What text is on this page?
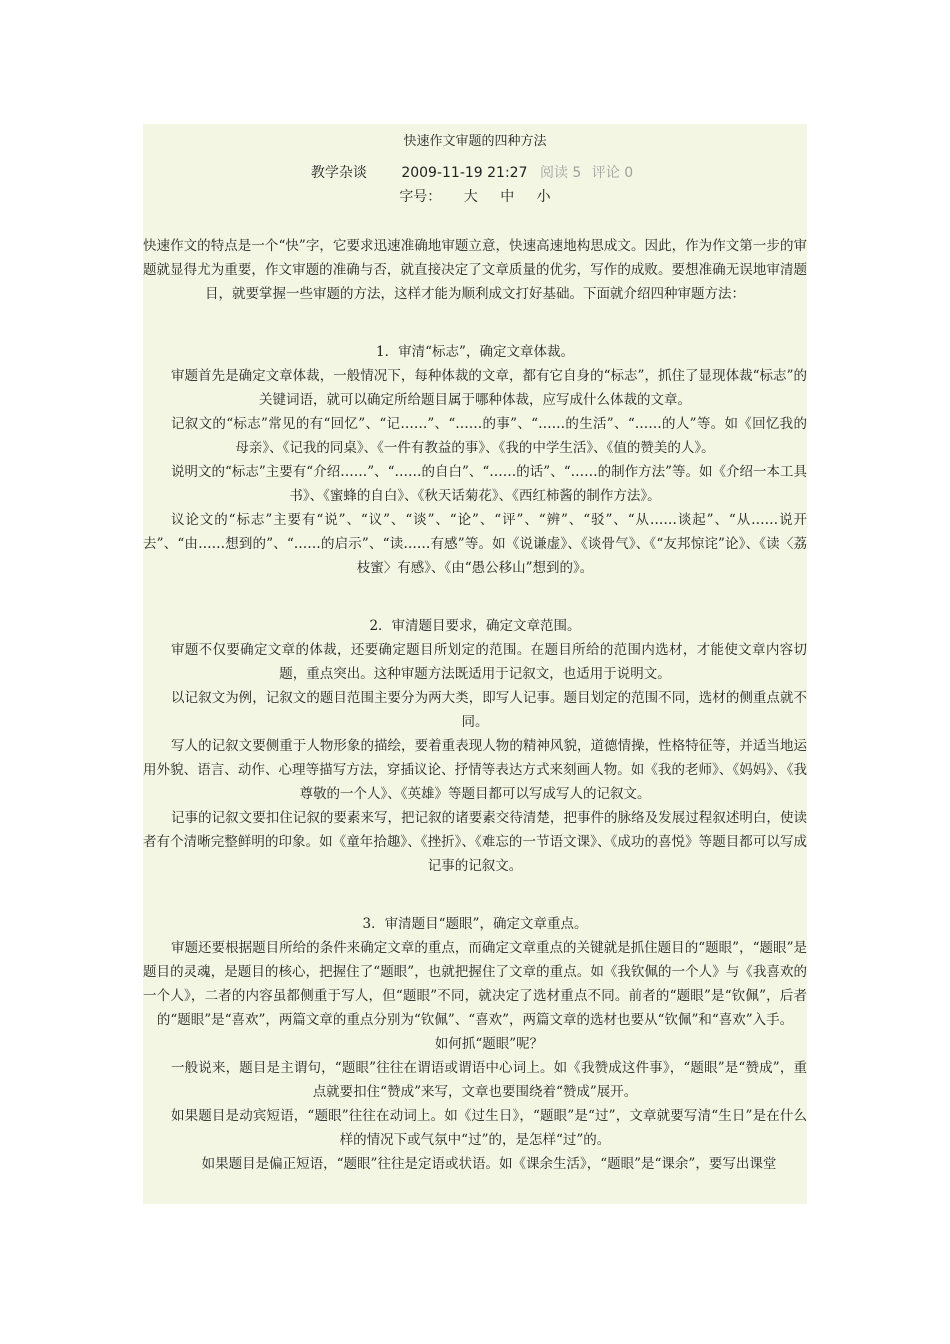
快速作文审题的四种方法
教学杂谈 2009-11-19 21:27 阅读 5 评论 0
字号： 大 中 小

快速作文的特点是一个“快”字，它要求迅速准确地审题立意，快速高速地构思成文。因此，作为作文第一步的审题就显得尤为重要，作文审题的准确与否，就直接决定了文章质量的优劣，写作的成败。要想准确无误地审清题目，就要掌握一些审题的方法，这样才能为顺利成文打好基础。下面就介绍四种审题方法：

1．审清“标志”，确定文章体裁。

审题首先是确定文章体裁，一般情况下，每种体裁的文章，都有它自身的“标志”，抓住了显现体裁“标志”的关键词语，就可以确定所给题目属于哪种体裁，应写成什么体裁的文章。

记叙文的“标志”常见的有“回忆”、“记……”、“……的事”、“……的生活”、“……的人”等。如《回忆我的母亲》、《记我的同桌》、《一件有教益的事》、《我的中学生活》、《值的赞美的人》。

说明文的“标志”主要有“介绍……”、“……的自白”、“……的话”、“……的制作方法”等。如《介绍一本工具书》、《蜜蜂的自白》、《秋天话菊花》、《西红柿酱的制作方法》。

议论文的“标志”主要有“说”、“议”、“谈”、“论”、“评”、“辨”、“驳”、“从……谈起”、“从……说开去”、“由……想到的”、“……的启示”、“读……有感”等。如《说谦虚》、《谈骨气》、《“友邦惊诧”论》、《读〈荔枝蜜〉有感》、《由“愚公移山”想到的》。

2．审清题目要求，确定文章范围。

审题不仅要确定文章的体裁，还要确定题目所划定的范围。在题目所给的范围内选材，才能使文章内容切题，重点突出。这种审题方法既适用于记叙文，也适用于说明文。

以记叙文为例，记叙文的题目范围主要分为两大类，即写人记事。题目划定的范围不同，选材的侧重点就不同。

写人的记叙文要侧重于人物形象的描绘，要着重表现人物的精神风貌，道德情操，性格特征等，并适当地运用外貌、语言、动作、心理等描写方法，穿插议论、抒情等表达方式来刻画人物。如《我的老师》、《妈妈》、《我尊敬的一个人》、《英雄》等题目都可以写成写人的记叙文。

记事的记叙文要扣住记叙的要素来写，把记叙的诸要素交待清楚，把事件的脉络及发展过程叙述明白，使读者有个清晰完整鲜明的印象。如《童年拾趣》、《挫折》、《难忘的一节语文课》、《成功的喜悦》等题目都可以写成记事的记叙文。

3．审清题目“题眼”，确定文章重点。

审题还要根据题目所给的条件来确定文章的重点，而确定文章重点的关键就是抓住题目的“题眼”，“题眼”是题目的灵魂，是题目的核心，把握住了“题眼”，也就把握住了文章的重点。如《我钦佩的一个人》与《我喜欢的一个人》，二者的内容虽都侧重于写人，但“题眼”不同，就决定了选材重点不同。前者的“题眼”是“钦佩”，后者的“题眼”是“喜欢”，两篇文章的重点分别为“钦佩”、“喜欢”，两篇文章的选材也要从“钦佩”和“喜欢”入手。

如何抓“题眼”呢？

一般说来，题目是主谓句，“题眼”往往在谓语或谓语中心词上。如《我赞成这件事》，“题眼”是“赞成”，重点就要扣住“赞成”来写，文章也要围绕着“赞成”展开。

如果题目是动宾短语，“题眼”往往在动词上。如《过生日》，“题眼”是“过”，文章就要写清“生日”是在什么样的情况下或气氛中“过”的，是怎样“过”的。

如果题目是偏正短语，“题眼”往往是定语或状语。如《课余生活》，“题眼”是“课余”，要写出课堂
